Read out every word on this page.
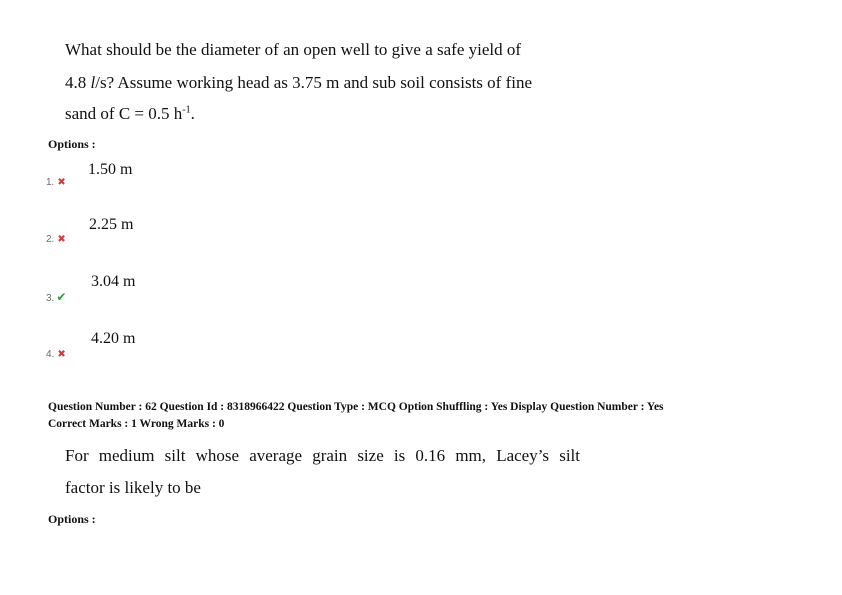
What should be the diameter of an open well to give a safe yield of
4.8 l/s? Assume working head as 3.75 m and sub soil consists of fine
sand of C = 0.5 $h^{-1}$.
Options :
1.50 m
1. ✖
2.25 m
2. ✖
3.04 m
3. ✔
4.20 m
4. ✖
Question Number : 62 Question Id : 8318966422 Question Type : MCQ Option Shuffling : Yes Display Question Number : Yes
Correct Marks : 1 Wrong Marks : 0
For medium silt whose average grain size is 0.16 mm, Lacey’s silt
factor is likely to be
Options :
